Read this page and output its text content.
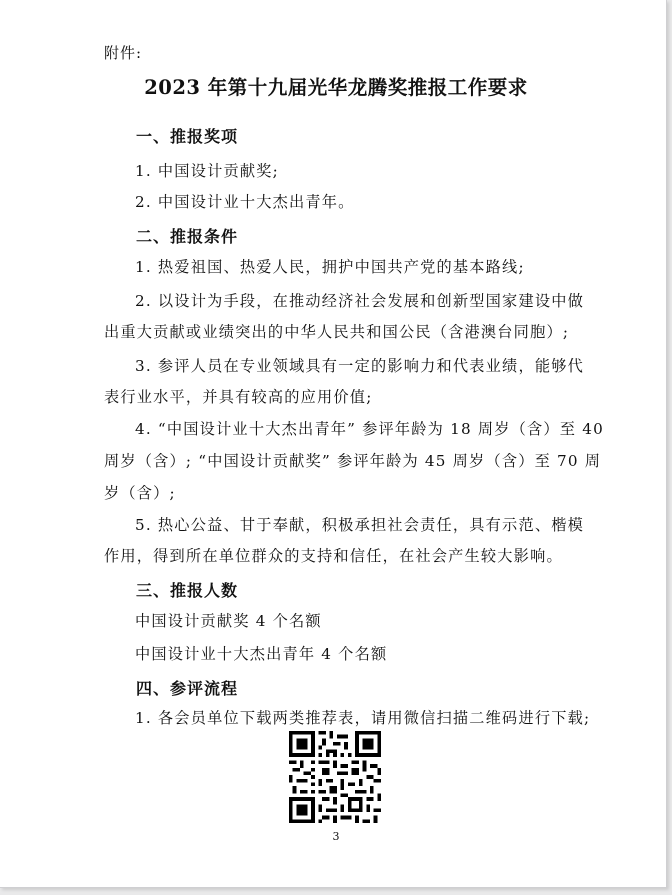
附件:
2023 年第十九届光华龙腾奖推报工作要求
一、推报奖项
1. 中国设计贡献奖;
2. 中国设计业十大杰出青年。
二、推报条件
1. 热爱祖国、热爱人民，拥护中国共产党的基本路线;
2. 以设计为手段，在推动经济社会发展和创新型国家建设中做
出重大贡献或业绩突出的中华人民共和国公民（含港澳台同胞）;
3. 参评人员在专业领域具有一定的影响力和代表业绩，能够代
表行业水平，并具有较高的应用价值;
4. “中国设计业十大杰出青年” 参评年龄为 18 周岁（含）至 40
周岁（含）; “中国设计贡献奖” 参评年龄为 45 周岁（含）至 70 周
岁（含）;
5. 热心公益、甘于奉献，积极承担社会责任，具有示范、楷模
作用，得到所在单位群众的支持和信任，在社会产生较大影响。
三、推报人数
中国设计贡献奖 4 个名额
中国设计业十大杰出青年 4 个名额
四、参评流程
1. 各会员单位下载两类推荐表，请用微信扫描二维码进行下载;
3
